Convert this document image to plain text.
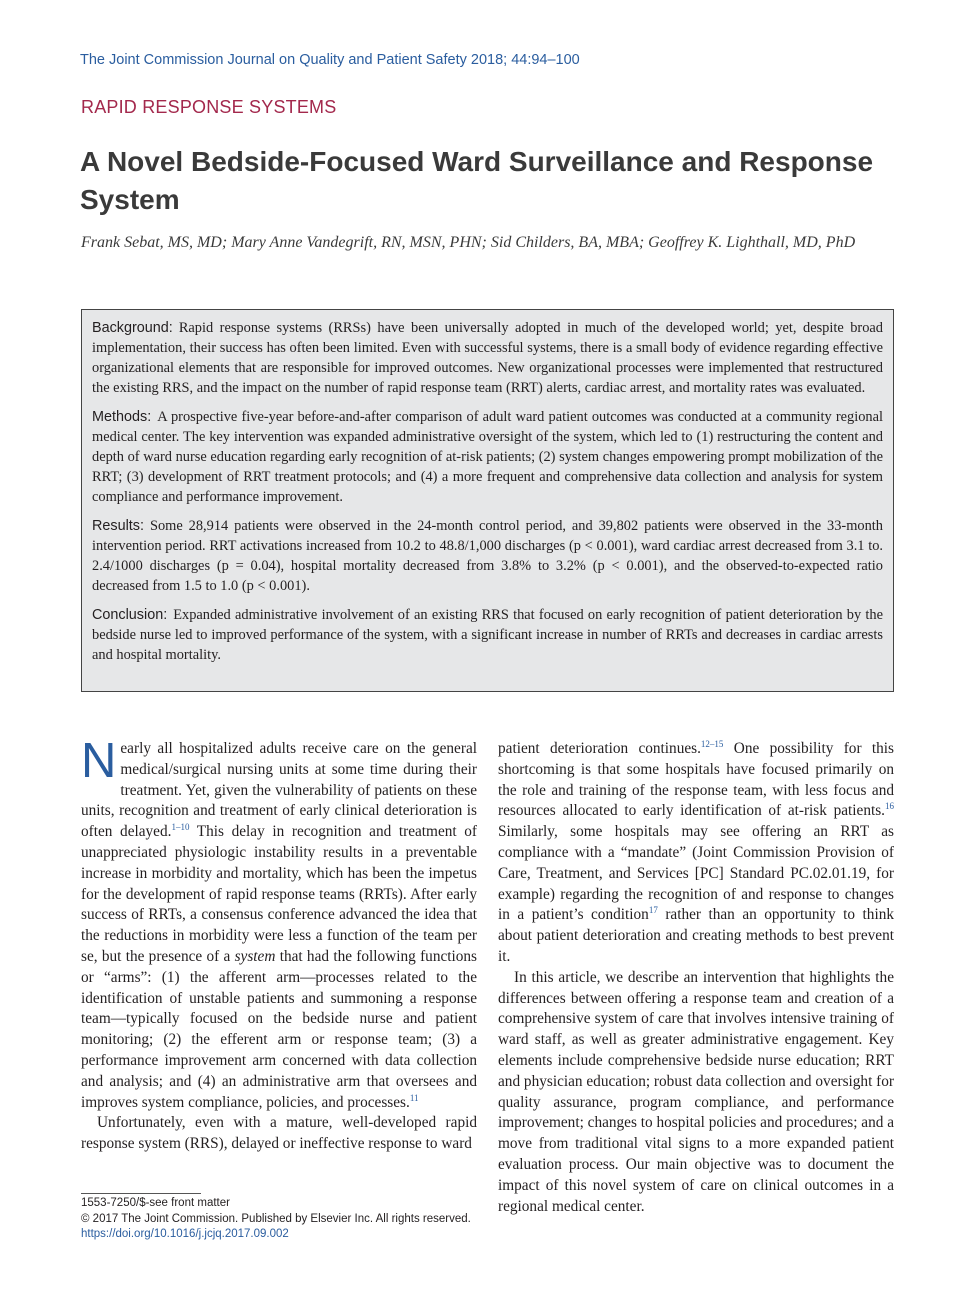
The Joint Commission Journal on Quality and Patient Safety 2018; 44:94–100
RAPID RESPONSE SYSTEMS
A Novel Bedside-Focused Ward Surveillance and Response System
Frank Sebat, MS, MD; Mary Anne Vandegrift, RN, MSN, PHN; Sid Childers, BA, MBA; Geoffrey K. Lighthall, MD, PhD

Background: Rapid response systems (RRSs) have been universally adopted in much of the developed world; yet, despite broad implementation, their success has often been limited. Even with successful systems, there is a small body of evidence regarding effective organizational elements that are responsible for improved outcomes. New organizational processes were implemented that restructured the existing RRS, and the impact on the number of rapid response team (RRT) alerts, cardiac arrest, and mortality rates was evaluated.

Methods: A prospective five-year before-and-after comparison of adult ward patient outcomes was conducted at a community regional medical center. The key intervention was expanded administrative oversight of the system, which led to (1) restructuring the content and depth of ward nurse education regarding early recognition of at-risk patients; (2) system changes empowering prompt mobilization of the RRT; (3) development of RRT treatment protocols; and (4) a more frequent and comprehensive data collection and analysis for system compliance and performance improvement.

Results: Some 28,914 patients were observed in the 24-month control period, and 39,802 patients were observed in the 33-month intervention period. RRT activations increased from 10.2 to 48.8/1,000 discharges (p < 0.001), ward cardiac arrest decreased from 3.1 to. 2.4/1000 discharges (p = 0.04), hospital mortality decreased from 3.8% to 3.2% (p < 0.001), and the observed-to-expected ratio decreased from 1.5 to 1.0 (p < 0.001).

Conclusion: Expanded administrative involvement of an existing RRS that focused on early recognition of patient deterioration by the bedside nurse led to improved performance of the system, with a significant increase in number of RRTs and decreases in cardiac arrests and hospital mortality.

Nearly all hospitalized adults receive care on the general medical/surgical nursing units at some time during their treatment. Yet, given the vulnerability of patients on these units, recognition and treatment of early clinical deterioration is often delayed.$^{1-10}$ This delay in recognition and treatment of unappreciated physiologic instability results in a preventable increase in morbidity and mortality, which has been the impetus for the development of rapid response teams (RRTs). After early success of RRTs, a consensus conference advanced the idea that the reductions in morbidity were less a function of the team per se, but the presence of a system that had the following functions or “arms”: (1) the afferent arm—processes related to the identification of unstable patients and summoning a response team—typically focused on the bedside nurse and patient monitoring; (2) the efferent arm or response team; (3) a performance improvement arm concerned with data collection and analysis; and (4) an administrative arm that oversees and improves system compliance, policies, and processes.$^{11}$

Unfortunately, even with a mature, well-developed rapid response system (RRS), delayed or ineffective response to ward

patient deterioration continues.$^{12-15}$ One possibility for this shortcoming is that some hospitals have focused primarily on the role and training of the response team, with less focus and resources allocated to early identification of at-risk patients.$^{16}$ Similarly, some hospitals may see offering an RRT as compliance with a “mandate” (Joint Commission Provision of Care, Treatment, and Services [PC] Standard PC.02.01.19, for example) regarding the recognition of and response to changes in a patient’s condition$^{17}$ rather than an opportunity to think about patient deterioration and creating methods to best prevent it.

In this article, we describe an intervention that highlights the differences between offering a response team and creation of a comprehensive system of care that involves intensive training of ward staff, as well as greater administrative engagement. Key elements include comprehensive bedside nurse education; RRT and physician education; robust data collection and oversight for quality assurance, program compliance, and performance improvement; changes to hospital policies and procedures; and a move from traditional vital signs to a more expanded patient evaluation process. Our main objective was to document the impact of this novel system of care on clinical outcomes in a regional medical center.

1553-7250/$-see front matter
© 2017 The Joint Commission. Published by Elsevier Inc. All rights reserved.
https://doi.org/10.1016/j.jcjq.2017.09.002
